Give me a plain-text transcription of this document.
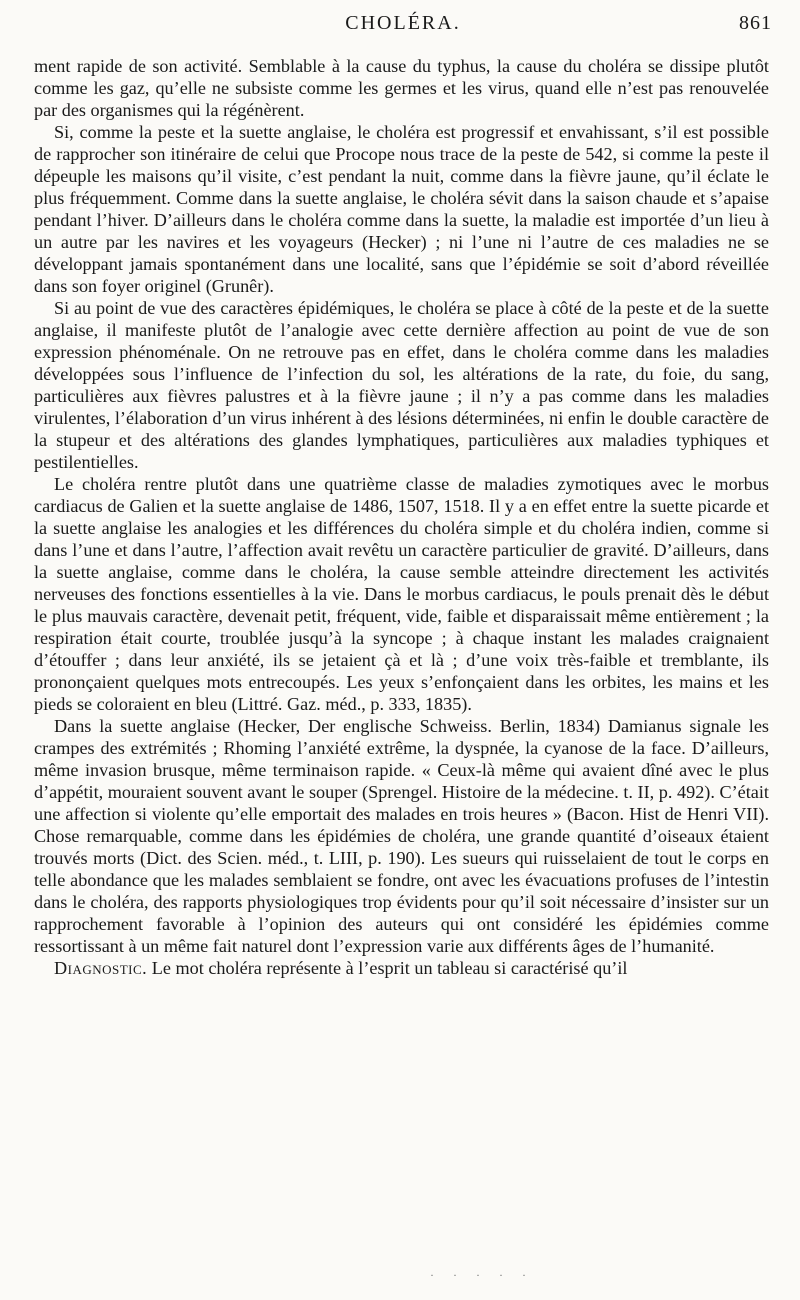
CHOLÉRA.	861

ment rapide de son activité. Semblable à la cause du typhus, la cause du choléra se dissipe plutôt comme les gaz, qu’elle ne subsiste comme les germes et les virus, quand elle n’est pas renouvelée par des organismes qui la régénèrent.

Si, comme la peste et la suette anglaise, le choléra est progressif et envahissant, s’il est possible de rapprocher son itinéraire de celui que Procope nous trace de la peste de 542, si comme la peste il dépeuple les maisons qu’il visite, c’est pendant la nuit, comme dans la fièvre jaune, qu’il éclate le plus fréquemment. Comme dans la suette anglaise, le choléra sévit dans la saison chaude et s’apaise pendant l’hiver. D’ailleurs dans le choléra comme dans la suette, la maladie est importée d’un lieu à un autre par les navires et les voyageurs (Hecker) ; ni l’une ni l’autre de ces maladies ne se développant jamais spontanément dans une localité, sans que l’épidémie se soit d’abord réveillée dans son foyer originel (Grunêr).

Si au point de vue des caractères épidémiques, le choléra se place à côté de la peste et de la suette anglaise, il manifeste plutôt de l’analogie avec cette dernière affection au point de vue de son expression phénoménale. On ne retrouve pas en effet, dans le choléra comme dans les maladies développées sous l’influence de l’infection du sol, les altérations de la rate, du foie, du sang, particulières aux fièvres palustres et à la fièvre jaune ; il n’y a pas comme dans les maladies virulentes, l’élaboration d’un virus inhérent à des lésions déterminées, ni enfin le double caractère de la stupeur et des altérations des glandes lymphatiques, particulières aux maladies typhiques et pestilentielles.

Le choléra rentre plutôt dans une quatrième classe de maladies zymotiques avec le morbus cardiacus de Galien et la suette anglaise de 1486, 1507, 1518. Il y a en effet entre la suette picarde et la suette anglaise les analogies et les différences du choléra simple et du choléra indien, comme si dans l’une et dans l’autre, l’affection avait revêtu un caractère particulier de gravité. D’ailleurs, dans la suette anglaise, comme dans le choléra, la cause semble atteindre directement les activités nerveuses des fonctions essentielles à la vie. Dans le morbus cardiacus, le pouls prenait dès le début le plus mauvais caractère, devenait petit, fréquent, vide, faible et disparaissait même entièrement ; la respiration était courte, troublée jusqu’à la syncope ; à chaque instant les malades craignaient d’étouffer ; dans leur anxiété, ils se jetaient çà et là ; d’une voix très-faible et tremblante, ils prononçaient quelques mots entrecoupés. Les yeux s’enfonçaient dans les orbites, les mains et les pieds se coloraient en bleu (Littré. Gaz. méd., p. 333, 1835).

Dans la suette anglaise (Hecker, Der englische Schweiss. Berlin, 1834) Damianus signale les crampes des extrémités ; Rhoming l’anxiété extrême, la dyspnée, la cyanose de la face. D’ailleurs, même invasion brusque, même terminaison rapide. « Ceux-là même qui avaient dîné avec le plus d’appétit, mouraient souvent avant le souper (Sprengel. Histoire de la médecine. t. II, p. 492). C’était une affection si violente qu’elle emportait des malades en trois heures » (Bacon. Hist de Henri VII). Chose remarquable, comme dans les épidémies de choléra, une grande quantité d’oiseaux étaient trouvés morts (Dict. des Scien. méd., t. LIII, p. 190). Les sueurs qui ruisselaient de tout le corps en telle abondance que les malades semblaient se fondre, ont avec les évacuations profuses de l’intestin dans le choléra, des rapports physiologiques trop évidents pour qu’il soit nécessaire d’insister sur un rapprochement favorable à l’opinion des auteurs qui ont considéré les épidémies comme ressortissant à un même fait naturel dont l’expression varie aux différents âges de l’humanité.

Diagnostic. Le mot choléra représente à l’esprit un tableau si caractérisé qu’il

· · · · ·
